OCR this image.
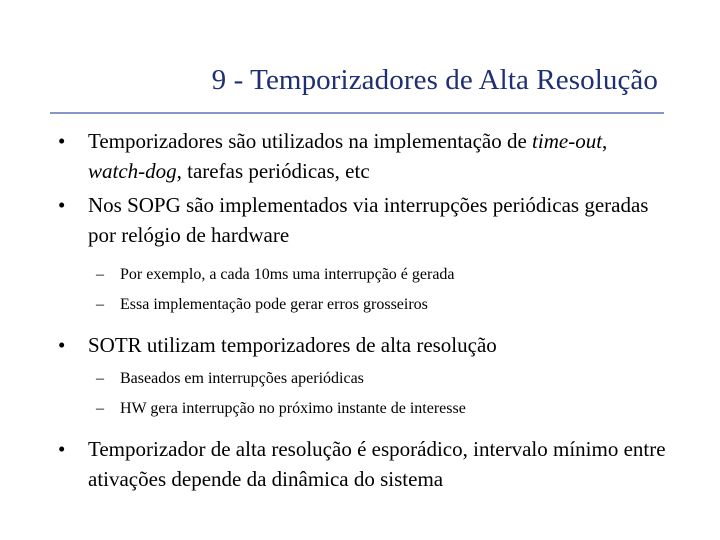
9 - Temporizadores de Alta Resolução
•	Temporizadores são utilizados na implementação de time-out, watch-dog, tarefas periódicas, etc
•	Nos SOPG são implementados via interrupções periódicas geradas por relógio de hardware
– Por exemplo, a cada 10ms uma interrupção é gerada
– Essa implementação pode gerar erros grosseiros
•	SOTR utilizam temporizadores de alta resolução
– Baseados em interrupções aperiódicas
– HW gera interrupção no próximo instante de interesse
•	Temporizador de alta resolução é esporádico, intervalo mínimo entre ativações depende da dinâmica do sistema
